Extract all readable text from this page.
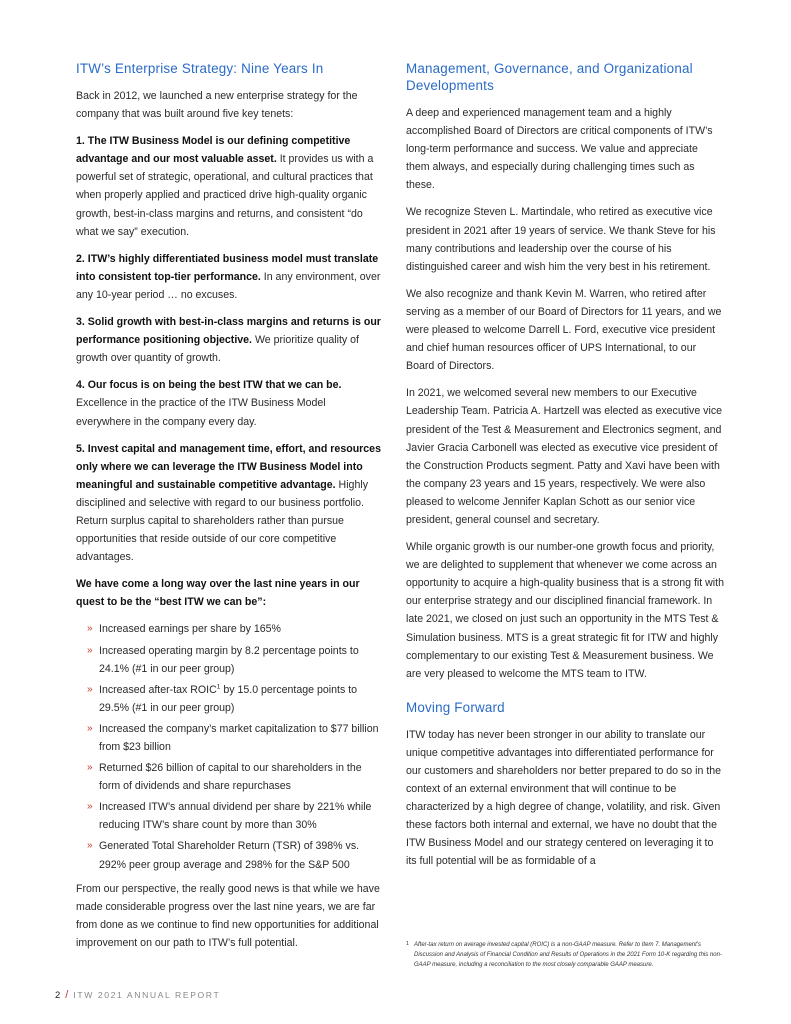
ITW’s Enterprise Strategy: Nine Years In

Back in 2012, we launched a new enterprise strategy for the company that was built around five key tenets:

1. The ITW Business Model is our defining competitive advantage and our most valuable asset. It provides us with a powerful set of strategic, operational, and cultural practices that when properly applied and practiced drive high-quality organic growth, best-in-class margins and returns, and consistent “do what we say” execution.

2. ITW’s highly differentiated business model must translate into consistent top-tier performance. In any environment, over any 10-year period … no excuses.

3. Solid growth with best-in-class margins and returns is our performance positioning objective. We prioritize quality of growth over quantity of growth.

4. Our focus is on being the best ITW that we can be. Excellence in the practice of the ITW Business Model everywhere in the company every day.

5. Invest capital and management time, effort, and resources only where we can leverage the ITW Business Model into meaningful and sustainable competitive advantage. Highly disciplined and selective with regard to our business portfolio. Return surplus capital to shareholders rather than pursue opportunities that reside outside of our core competitive advantages.

We have come a long way over the last nine years in our quest to be the “best ITW we can be”:

» Increased earnings per share by 165%
» Increased operating margin by 8.2 percentage points to 24.1% (#1 in our peer group)
» Increased after-tax ROIC$^1$ by 15.0 percentage points to 29.5% (#1 in our peer group)
» Increased the company’s market capitalization to $77 billion from $23 billion
» Returned $26 billion of capital to our shareholders in the form of dividends and share repurchases
» Increased ITW’s annual dividend per share by 221% while reducing ITW’s share count by more than 30%
» Generated Total Shareholder Return (TSR) of 398% vs. 292% peer group average and 298% for the S&P 500

From our perspective, the really good news is that while we have made considerable progress over the last nine years, we are far from done as we continue to find new opportunities for additional improvement on our path to ITW’s full potential.

Management, Governance, and Organizational Developments

A deep and experienced management team and a highly accomplished Board of Directors are critical components of ITW’s long-term performance and success. We value and appreciate them always, and especially during challenging times such as these.

We recognize Steven L. Martindale, who retired as executive vice president in 2021 after 19 years of service. We thank Steve for his many contributions and leadership over the course of his distinguished career and wish him the very best in his retirement.

We also recognize and thank Kevin M. Warren, who retired after serving as a member of our Board of Directors for 11 years, and we were pleased to welcome Darrell L. Ford, executive vice president and chief human resources officer of UPS International, to our Board of Directors.

In 2021, we welcomed several new members to our Executive Leadership Team. Patricia A. Hartzell was elected as executive vice president of the Test & Measurement and Electronics segment, and Javier Gracia Carbonell was elected as executive vice president of the Construction Products segment. Patty and Xavi have been with the company 23 years and 15 years, respectively. We were also pleased to welcome Jennifer Kaplan Schott as our senior vice president, general counsel and secretary.

While organic growth is our number-one growth focus and priority, we are delighted to supplement that whenever we come across an opportunity to acquire a high-quality business that is a strong fit with our enterprise strategy and our disciplined financial framework. In late 2021, we closed on just such an opportunity in the MTS Test & Simulation business. MTS is a great strategic fit for ITW and highly complementary to our existing Test & Measurement business. We are very pleased to welcome the MTS team to ITW.

Moving Forward

ITW today has never been stronger in our ability to translate our unique competitive advantages into differentiated performance for our customers and shareholders nor better prepared to do so in the context of an external environment that will continue to be characterized by a high degree of change, volatility, and risk. Given these factors both internal and external, we have no doubt that the ITW Business Model and our strategy centered on leveraging it to its full potential will be as formidable of a

1 After-tax return on average invested capital (ROIC) is a non-GAAP measure. Refer to Item 7. Management’s Discussion and Analysis of Financial Condition and Results of Operations in the 2021 Form 10-K regarding this non-GAAP measure, including a reconciliation to the most closely comparable GAAP measure.
2 / ITW 2021 ANNUAL REPORT
